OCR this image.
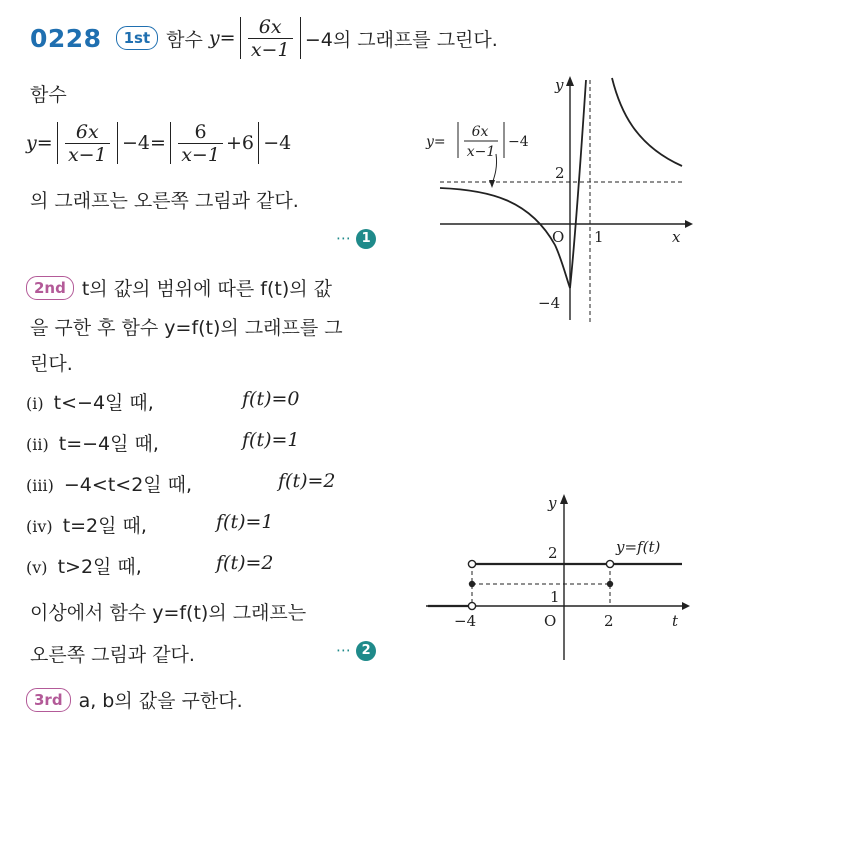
0228	1st 함수 $y= \frac{6x}{x-1} -4$의 그래프를 그린다.
함수
$y= \frac{6x}{x-1} -4= \frac{6}{x-1} +6 -4$
의 그래프는 오른쪽 그림과 같다.
⋯ 1
2nd t의 값의 범위에 따른 f(t)의 값
을 구한 후 함수 y=f(t)의 그래프를 그
린다.
(ⅰ) t<−4일 때,	f(t)=0
(ⅱ) t=−4일 때,	f(t)=1
(ⅲ) −4<t<2일 때,	f(t)=2
(ⅳ) t=2일 때,	f(t)=1
(ⅴ) t>2일 때,	f(t)=2
이상에서 함수 y=f(t)의 그래프는
오른쪽 그림과 같다.	⋯ 2
3rd a, b의 값을 구한다.
y
x
O 1
2
−4
y=
6x
x−1
−4
y
t
O
−4	2
1
2	y=f(t)
